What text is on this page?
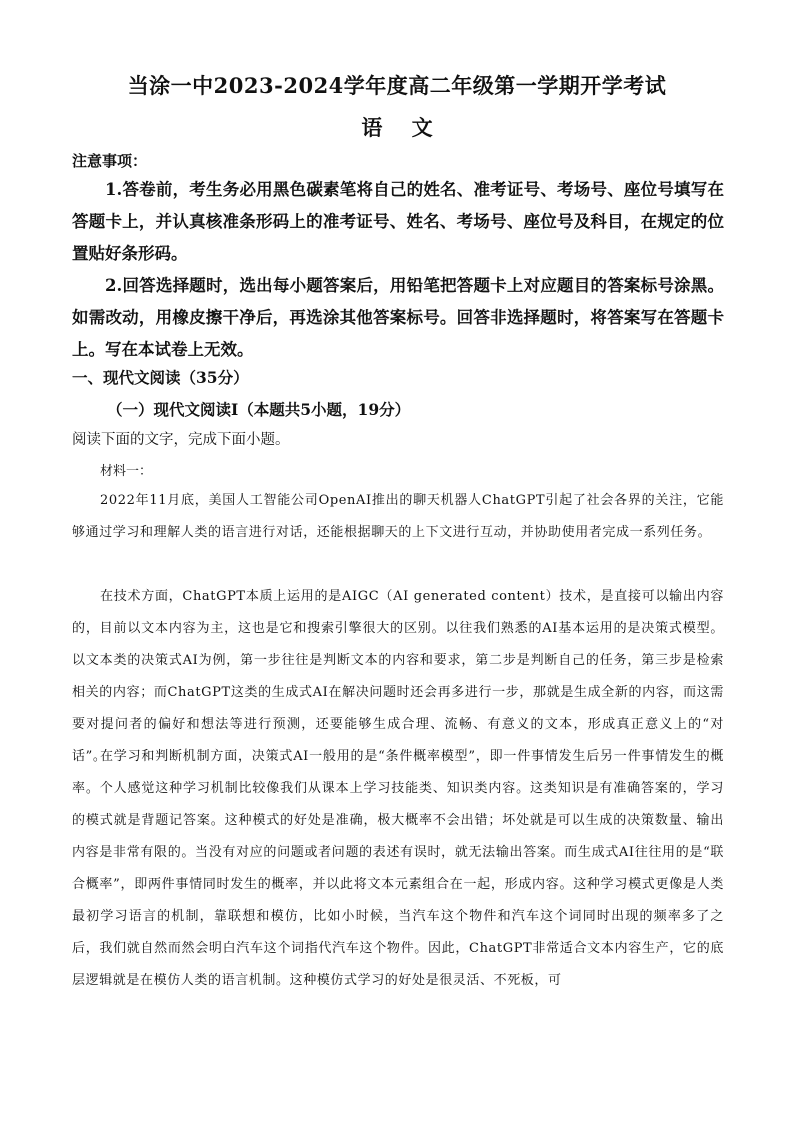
当涂一中2023-2024学年度高二年级第一学期开学考试
语 文
注意事项：

1.答卷前，考生务必用黑色碳素笔将自己的姓名、准考证号、考场号、座位号填写在答题卡上，并认真核准条形码上的准考证号、姓名、考场号、座位号及科目，在规定的位置贴好条形码。

2.回答选择题时，选出每小题答案后，用铅笔把答题卡上对应题目的答案标号涂黑。如需改动，用橡皮擦干净后，再选涂其他答案标号。回答非选择题时，将答案写在答题卡上。写在本试卷上无效。

一、现代文阅读（35分）
（一）现代文阅读Ⅰ（本题共5小题，19分）
阅读下面的文字，完成下面小题。
材料一：

2022年11月底，美国人工智能公司OpenAI推出的聊天机器人ChatGPT引起了社会各界的关注，它能够通过学习和理解人类的语言进行对话，还能根据聊天的上下文进行互动，并协助使用者完成一系列任务。

在技术方面，ChatGPT本质上运用的是AIGC（AI generated content）技术，是直接可以输出内容的，目前以文本内容为主，这也是它和搜索引擎很大的区别。以往我们熟悉的AI基本运用的是决策式模型。以文本类的决策式AI为例，第一步往往是判断文本的内容和要求，第二步是判断自己的任务，第三步是检索相关的内容；而ChatGPT这类的生成式AI在解决问题时还会再多进行一步，那就是生成全新的内容，而这需要对提问者的偏好和想法等进行预测，还要能够生成合理、流畅、有意义的文本，形成真正意义上的“对话”。

在学习和判断机制方面，决策式AI一般用的是“条件概率模型”，即一件事情发生后另一件事情发生的概率。个人感觉这种学习机制比较像我们从课本上学习技能类、知识类内容。这类知识是有准确答案的，学习的模式就是背题记答案。这种模式的好处是准确，极大概率不会出错；坏处就是可以生成的决策数量、输出内容是非常有限的。当没有对应的问题或者问题的表述有误时，就无法输出答案。而生成式AI往往用的是“联合概率”，即两件事情同时发生的概率，并以此将文本元素组合在一起，形成内容。这种学习模式更像是人类最初学习语言的机制，靠联想和模仿，比如小时候，当汽车这个物件和汽车这个词同时出现的频率多了之后，我们就自然而然会明白汽车这个词指代汽车这个物件。因此，ChatGPT非常适合文本内容生产，它的底层逻辑就是在模仿人类的语言机制。这种模仿式学习的好处是很灵活、不死板，可
